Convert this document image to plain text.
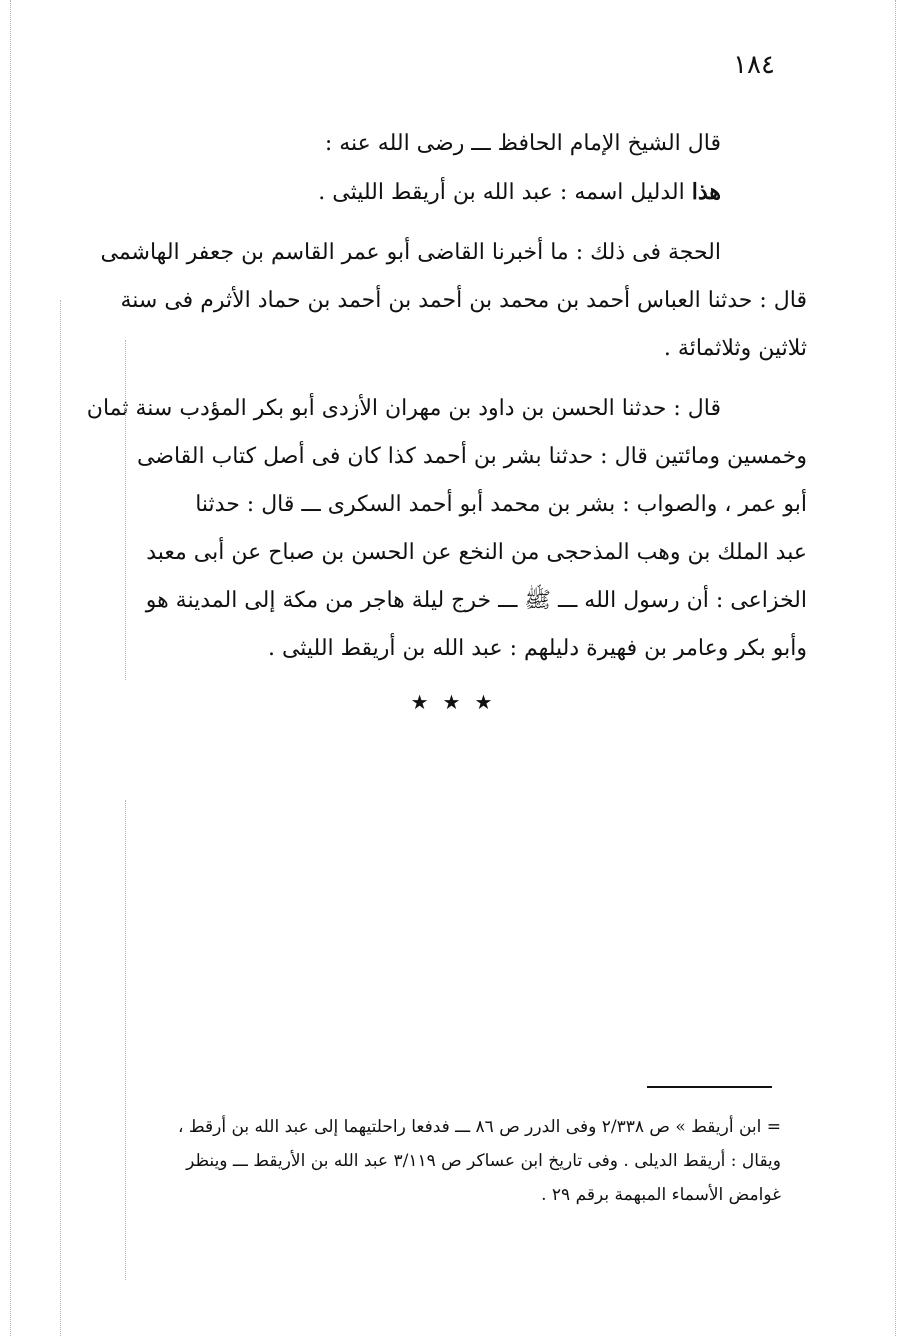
١٨٤

قال الشيخ الإمام الحافظ ـــ رضى الله عنه :
هذا الدليل اسمه : عبد الله بن أريقط الليثى .

الحجة فى ذلك : ما أخبرنا القاضى أبو عمر القاسم بن جعفر الهاشمى
قال : حدثنا العباس أحمد بن محمد بن أحمد بن أحمد بن حماد الأثرم فى سنة
ثلاثين وثلاثمائة .

قال : حدثنا الحسن بن داود بن مهران الأزدى أبو بكر المؤدب سنة ثمان
وخمسين ومائتين قال : حدثنا بشر بن أحمد كذا كان فى أصل كتاب القاضى
أبو عمر ، والصواب : بشر بن محمد أبو أحمد السكرى ـــ قال : حدثنا
عبد الملك بن وهب المذحجى من النخع عن الحسن بن صباح عن أبى معبد
الخزاعى : أن رسول الله ـــ ﷺ ـــ خرج ليلة هاجر من مكة إلى المدينة هو
وأبو بكر وعامر بن فهيرة دليلهم : عبد الله بن أريقط الليثى .

★★★
= ابن أريقط » ص ٢/٣٣٨ وفى الدرر ص ٨٦ ـــ فدفعا راحلتيهما إلى عبد الله بن أرقط ،
ويقال : أريقط الديلى . وفى تاريخ ابن عساكر ص ٣/١١٩ عبد الله بن الأريقط ـــ وينظر
غوامض الأسماء المبهمة برقم ٢٩ .
